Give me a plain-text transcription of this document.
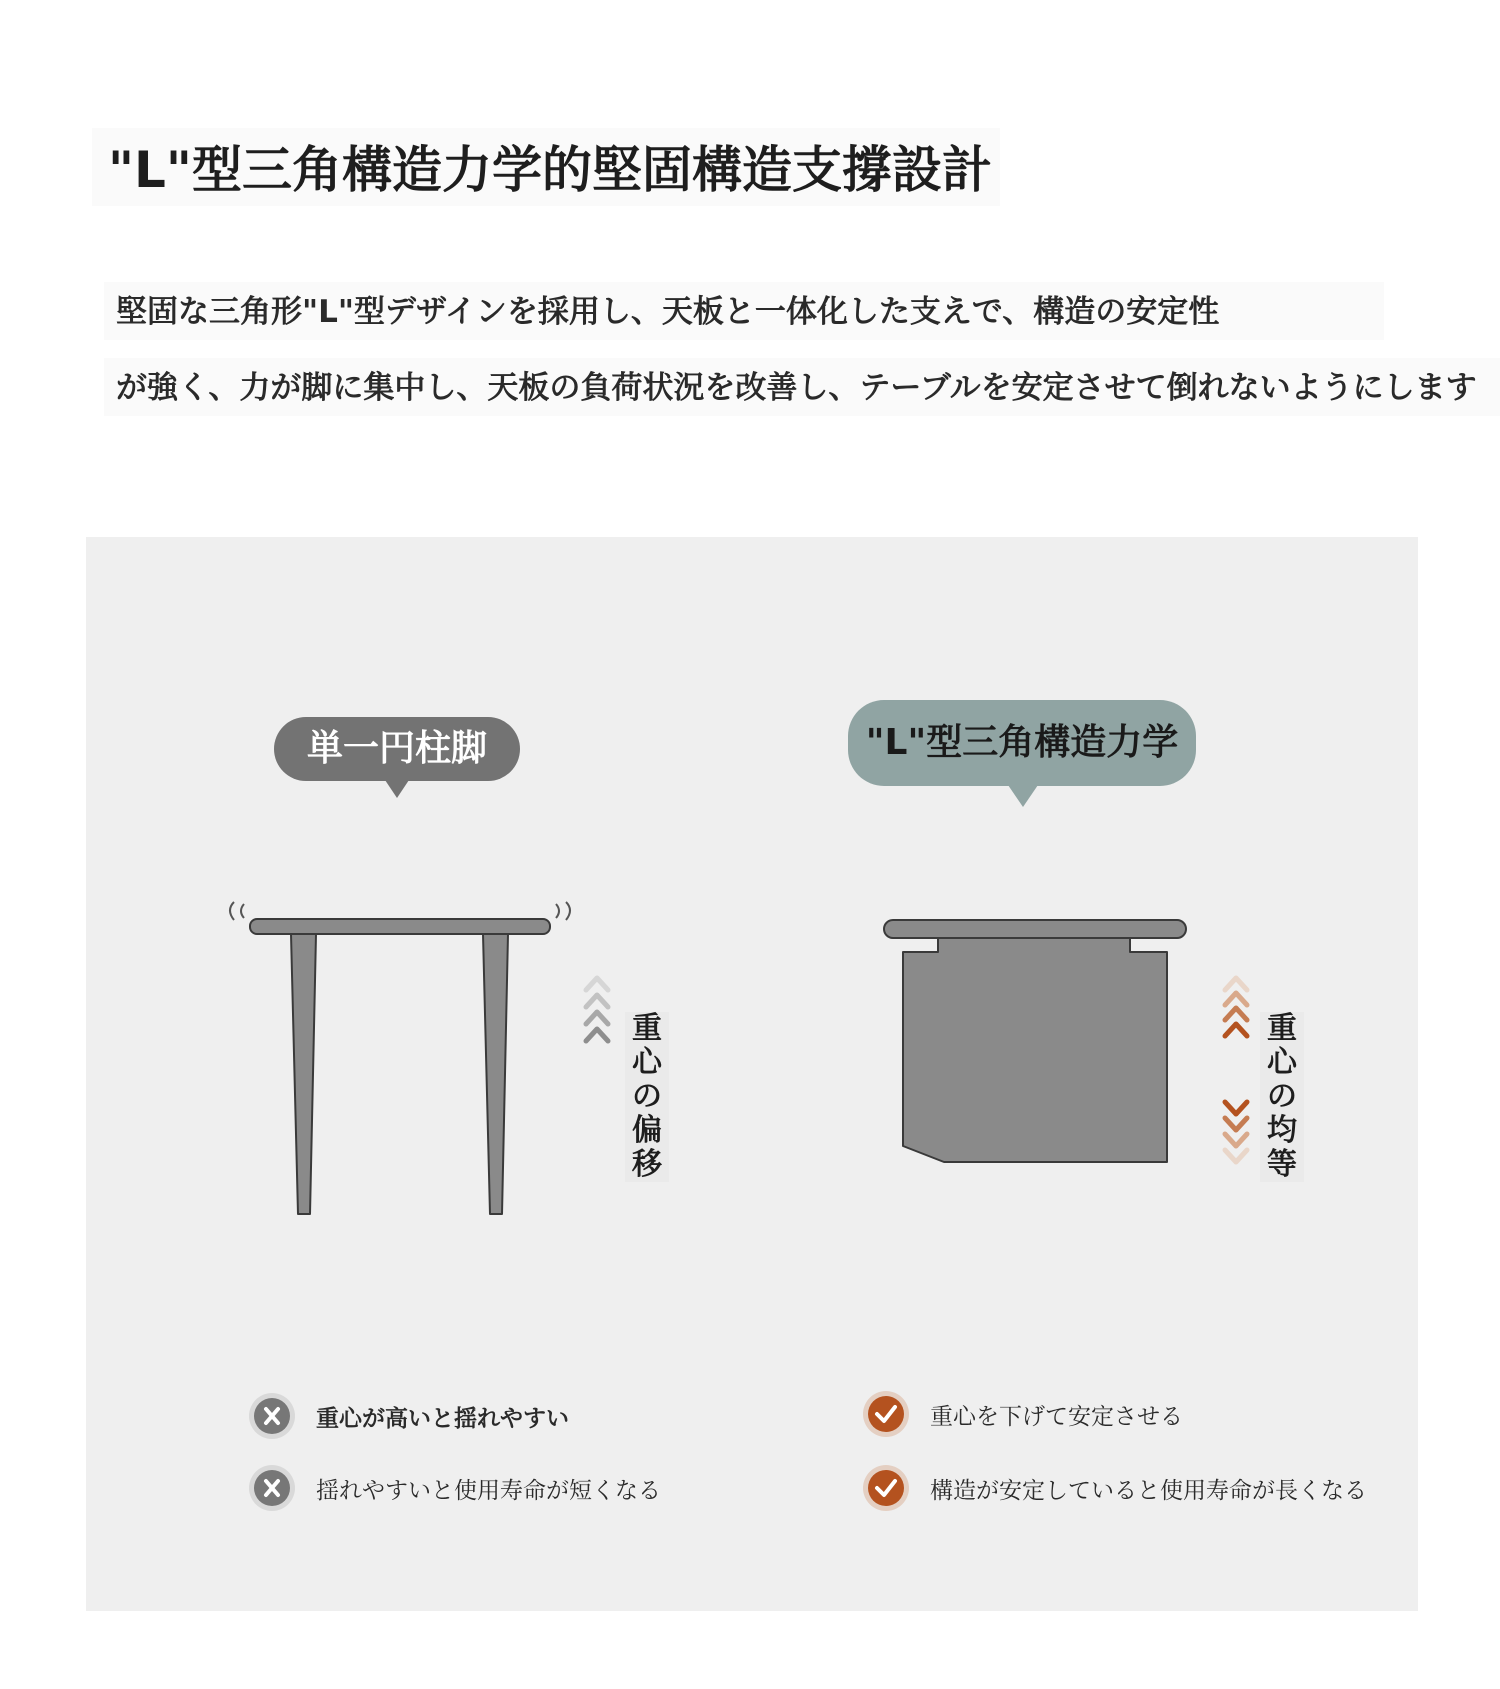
"L"型三角構造力学的堅固構造支撐設計

堅固な三角形"L"型デザインを採用し、天板と一体化した支えで、構造の安定性

が強く、力が脚に集中し、天板の負荷状況を改善し、テーブルを安定させて倒れないようにします

単一円柱脚	"L"型三角構造力学
重心の偏移
重心の均等
重心が高いと揺れやすい
揺れやすいと使用寿命が短くなる
重心を下げて安定させる
構造が安定していると使用寿命が長くなる
